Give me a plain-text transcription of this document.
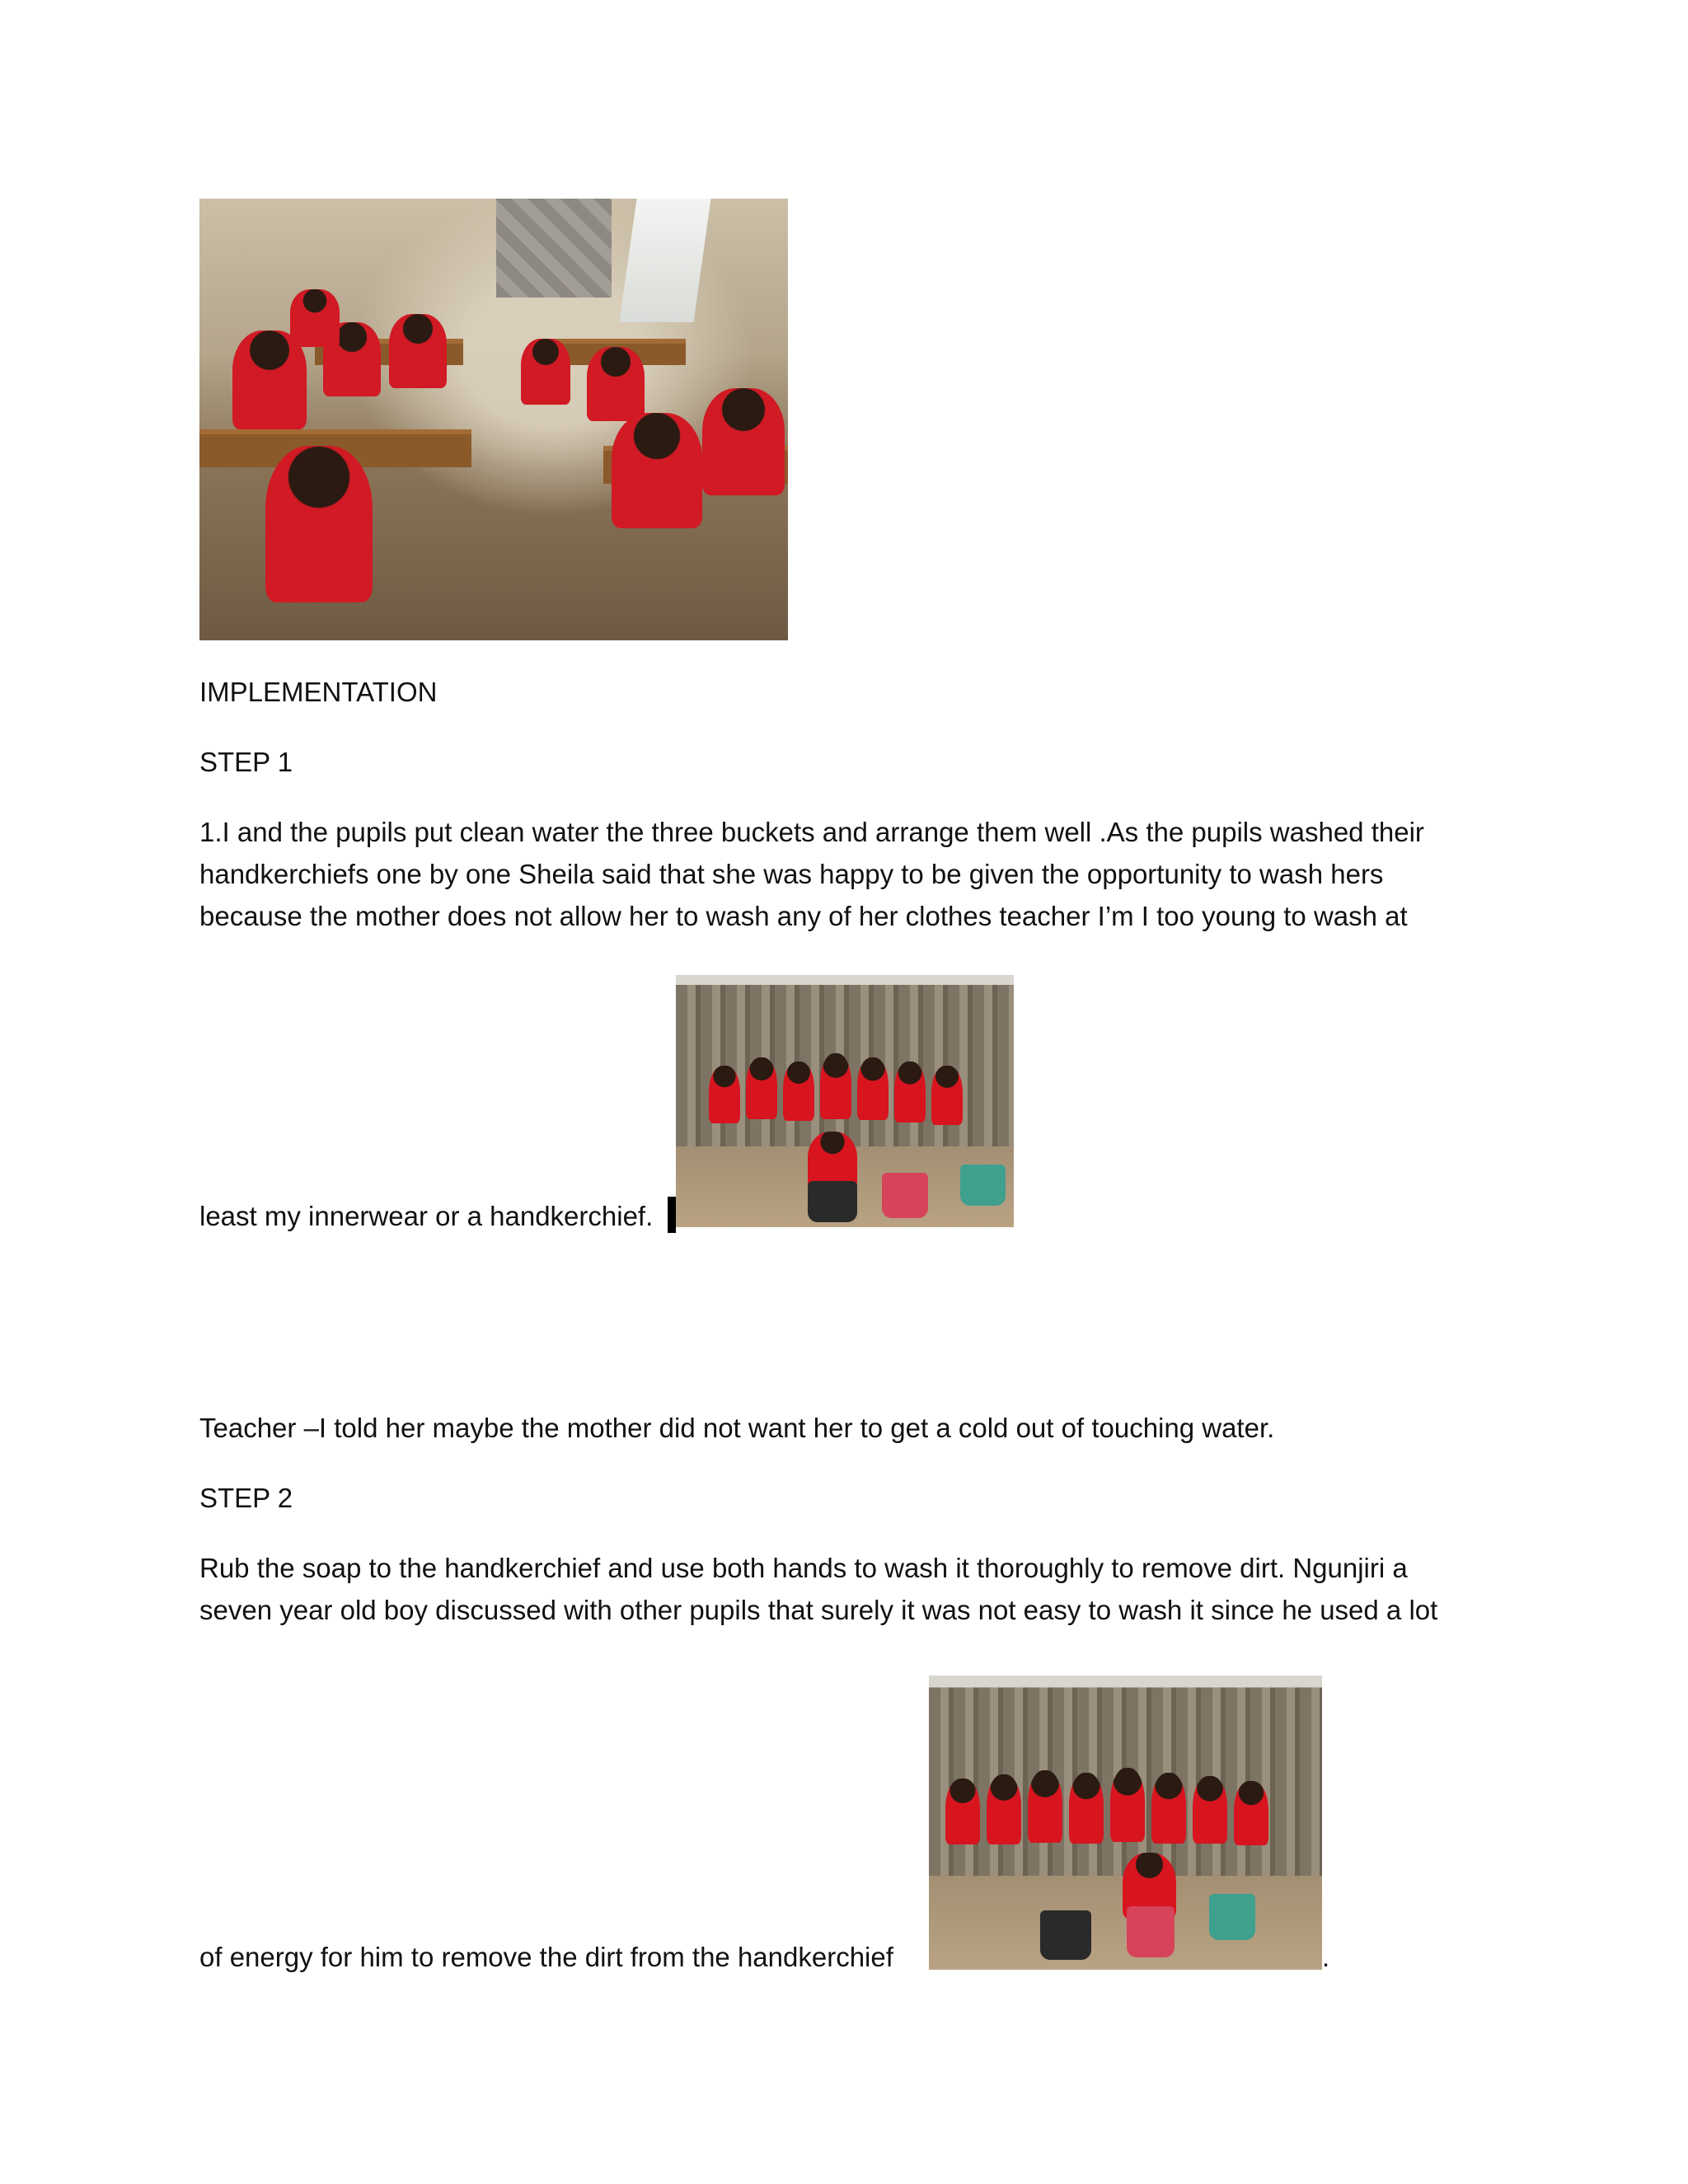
IMPLEMENTATION
STEP 1
1.I and the pupils put clean water the three buckets and arrange them well .As the pupils washed their
handkerchiefs one by one Sheila said that she was happy to be given the opportunity to wash hers
because the mother does not allow her to wash any of her clothes teacher I’m I too young to wash at
least my innerwear or a handkerchief.
Teacher –I told her maybe the mother did not want her to get a cold out of touching water.
STEP 2
Rub the soap to the handkerchief and use both hands to wash it thoroughly to remove dirt. Ngunjiri a
seven year old boy discussed with other pupils that surely it was not easy to wash it since he used a lot
of energy for him to remove the dirt from the handkerchief	.
